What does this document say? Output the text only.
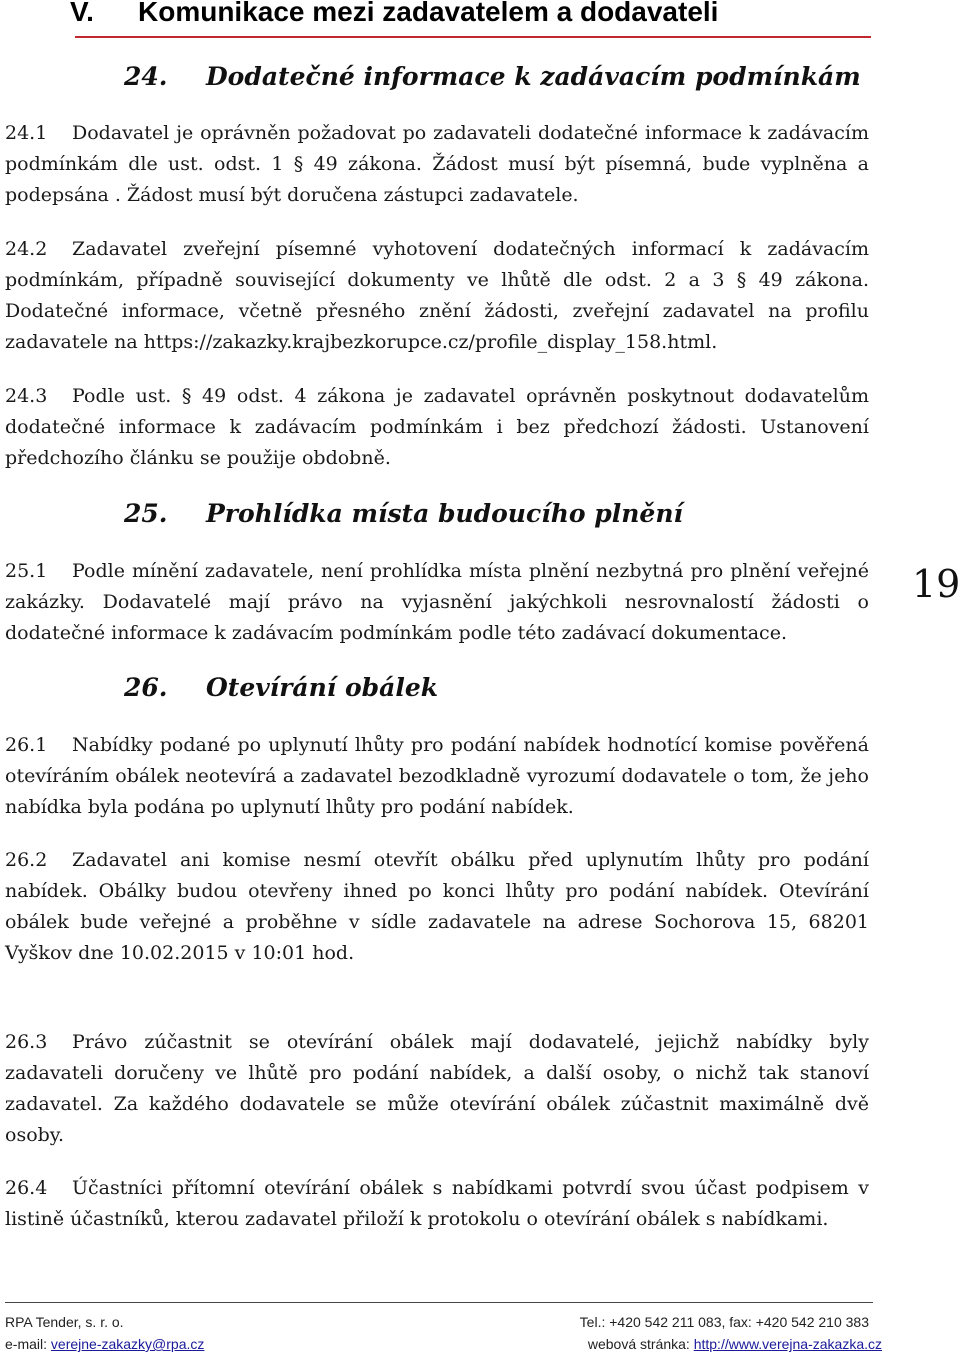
V. Komunikace mezi zadavatelem a dodavateli
24. Dodatečné informace k zadávacím podmínkám
24.1 Dodavatel je oprávněn požadovat po zadavateli dodatečné informace k zadávacím podmínkám dle ust. odst. 1 § 49 zákona. Žádost musí být písemná, bude vyplněna a podepsána . Žádost musí být doručena zástupci zadavatele.
24.2 Zadavatel zveřejní písemné vyhotovení dodatečných informací k zadávacím podmínkám, případně související dokumenty ve lhůtě dle odst. 2 a 3 § 49 zákona. Dodatečné informace, včetně přesného znění žádosti, zveřejní zadavatel na profilu zadavatele na https://zakazky.krajbezkorupce.cz/profile_display_158.html.
24.3 Podle ust. § 49 odst. 4 zákona je zadavatel oprávněn poskytnout dodavatelům dodatečné informace k zadávacím podmínkám i bez předchozí žádosti. Ustanovení předchozího článku se použije obdobně.
25. Prohlídka místa budoucího plnění
25.1 Podle mínění zadavatele, není prohlídka místa plnění nezbytná pro plnění veřejné zakázky. Dodavatelé mají právo na vyjasnění jakýchkoli nesrovnalostí žádosti o dodatečné informace k zadávacím podmínkám podle této zadávací dokumentace.
19
26. Otevírání obálek
26.1 Nabídky podané po uplynutí lhůty pro podání nabídek hodnotící komise pověřená otevíráním obálek neotevírá a zadavatel bezodkladně vyrozumí dodavatele o tom, že jeho nabídka byla podána po uplynutí lhůty pro podání nabídek.
26.2 Zadavatel ani komise nesmí otevřít obálku před uplynutím lhůty pro podání nabídek. Obálky budou otevřeny ihned po konci lhůty pro podání nabídek. Otevírání obálek bude veřejné a proběhne v sídle zadavatele na adrese Sochorova 15, 68201 Vyškov dne 10.02.2015 v 10:01 hod.
26.3 Právo zúčastnit se otevírání obálek mají dodavatelé, jejichž nabídky byly zadavateli doručeny ve lhůtě pro podání nabídek, a další osoby, o nichž tak stanoví zadavatel. Za každého dodavatele se může otevírání obálek zúčastnit maximálně dvě osoby.
26.4 Účastníci přítomní otevírání obálek s nabídkami potvrdí svou účast podpisem v listině účastníků, kterou zadavatel přiloží k protokolu o otevírání obálek s nabídkami.
RPA Tender, s. r. o.
e-mail: verejne-zakazky@rpa.cz
Tel.: +420 542 211 083, fax: +420 542 210 383
webová stránka: http://www.verejna-zakazka.cz
